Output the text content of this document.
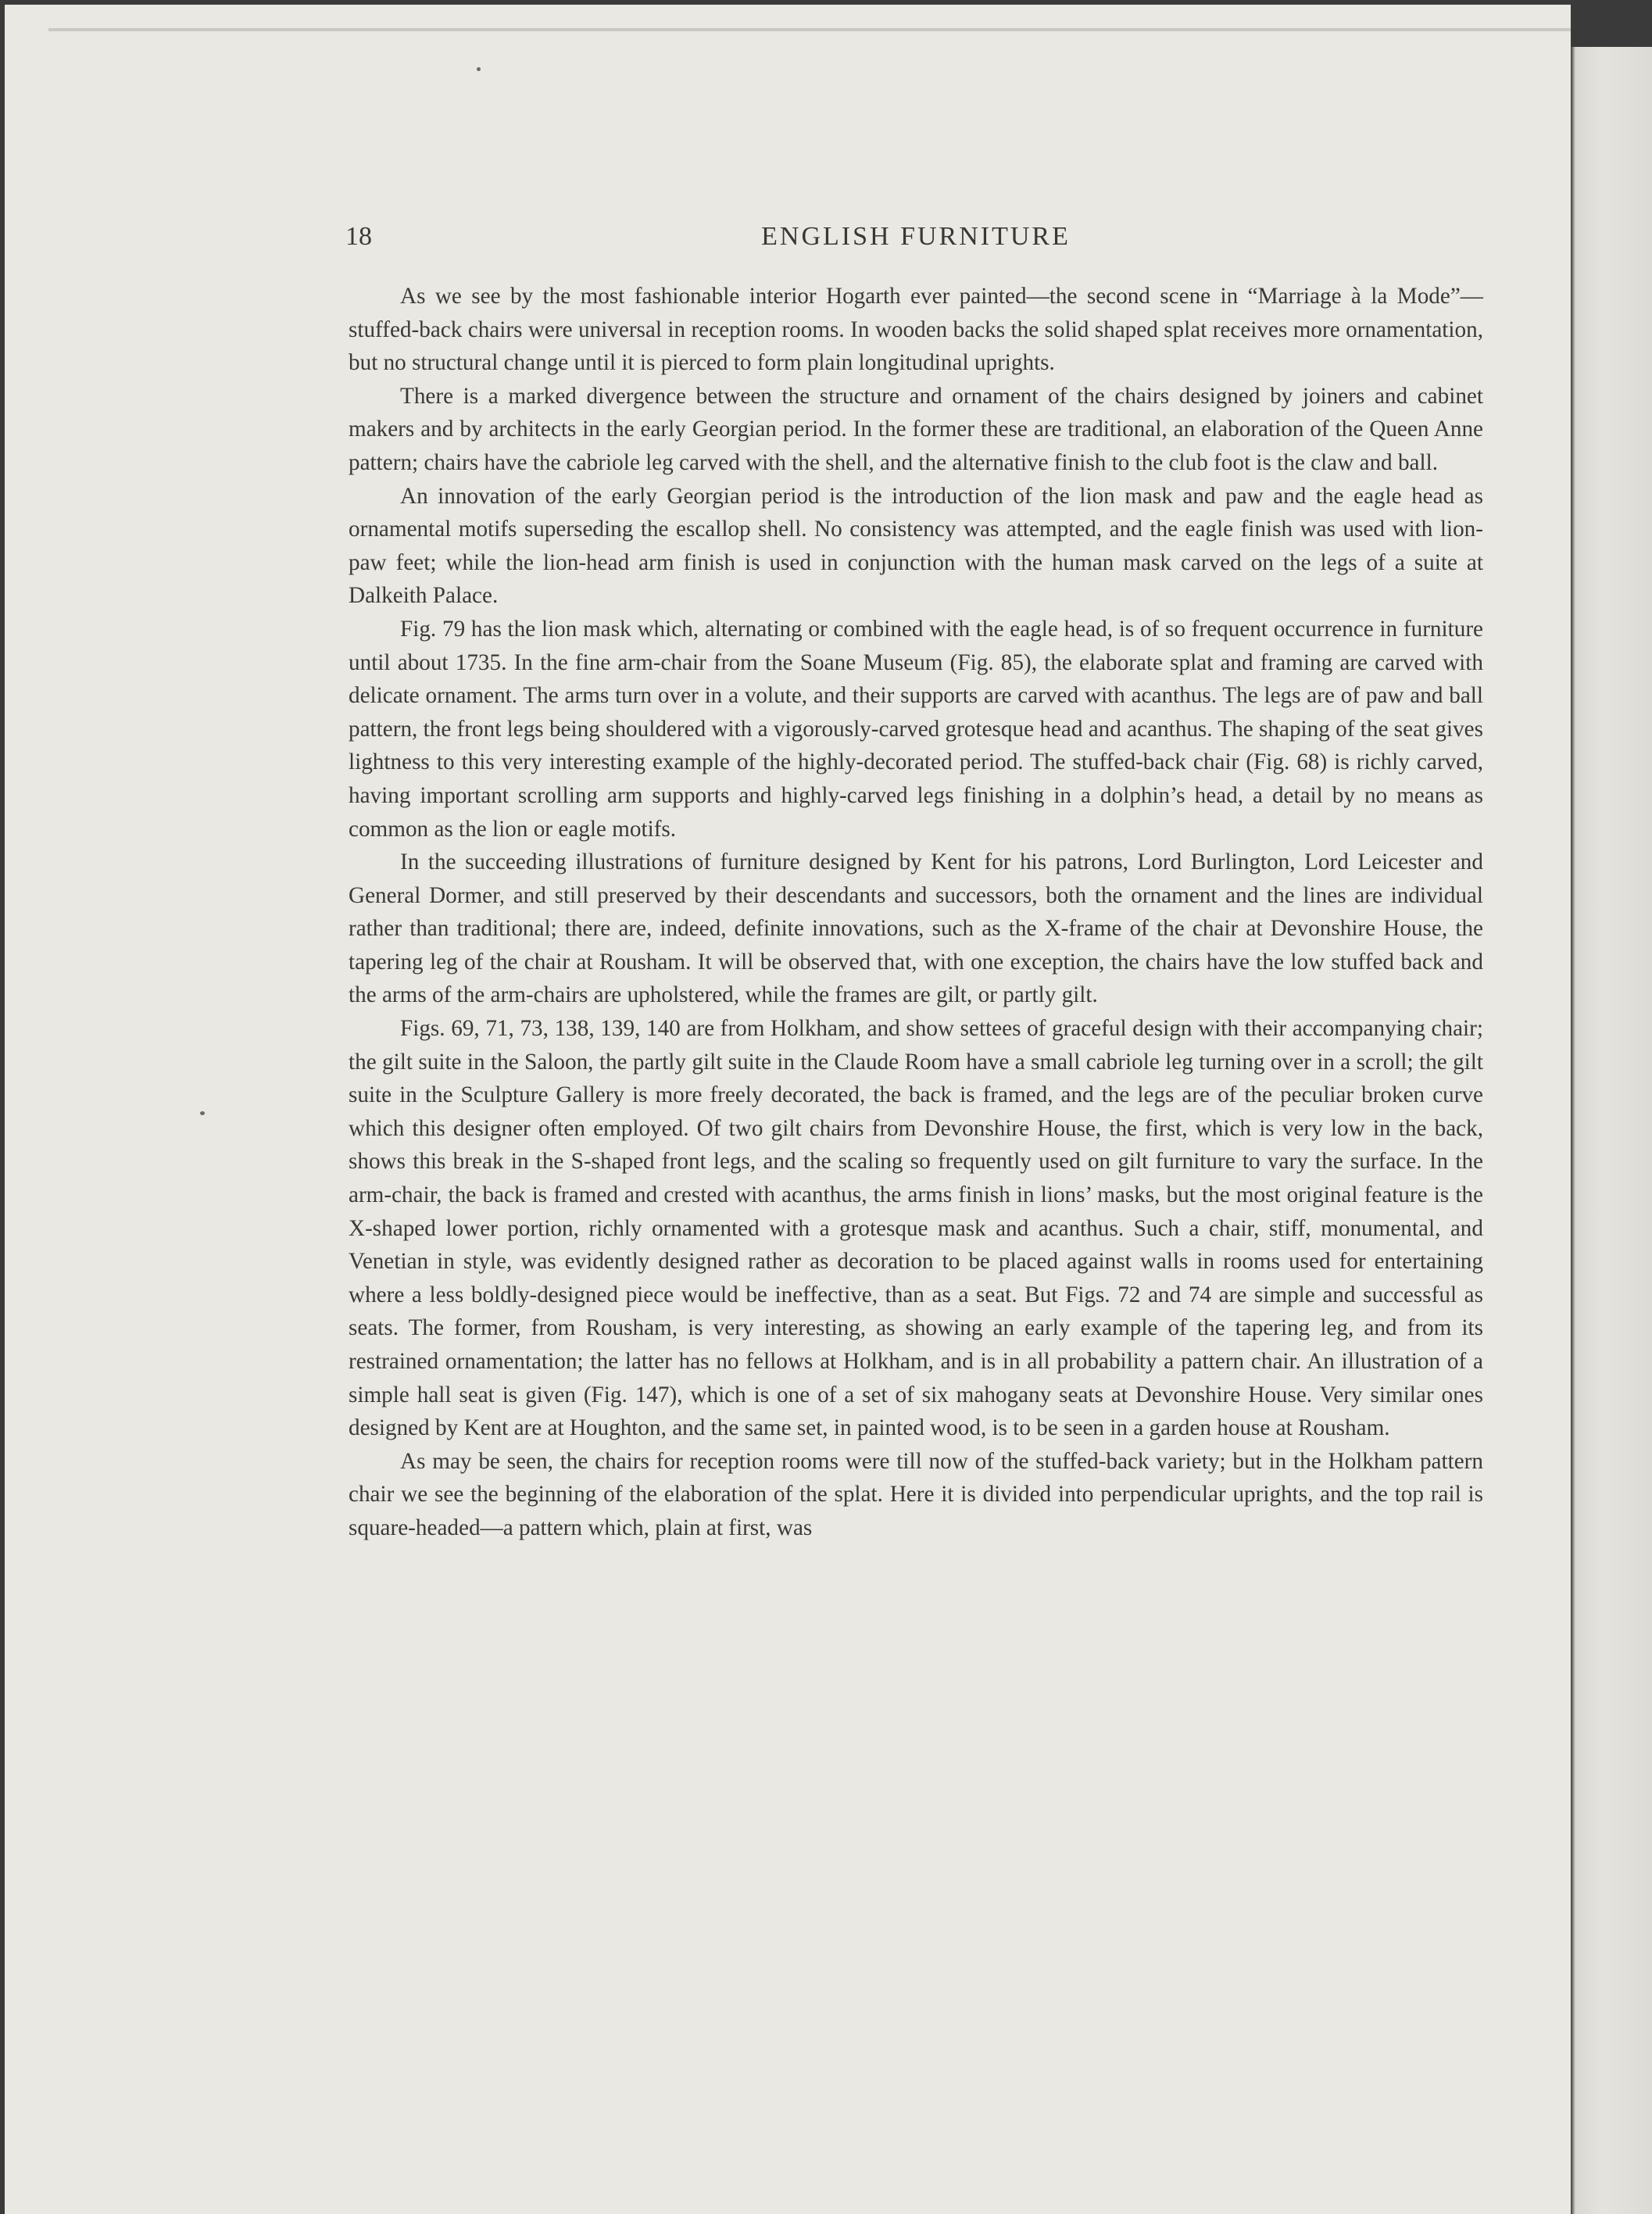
18	ENGLISH FURNITURE

As we see by the most fashionable interior Hogarth ever painted—the second scene in “Marriage à la Mode”—stuffed-back chairs were universal in reception rooms. In wooden backs the solid shaped splat receives more ornamentation, but no structural change until it is pierced to form plain longitudinal uprights.

There is a marked divergence between the structure and ornament of the chairs designed by joiners and cabinet makers and by architects in the early Georgian period. In the former these are traditional, an elaboration of the Queen Anne pattern; chairs have the cabriole leg carved with the shell, and the alternative finish to the club foot is the claw and ball.

An innovation of the early Georgian period is the introduction of the lion mask and paw and the eagle head as ornamental motifs superseding the escallop shell. No consistency was attempted, and the eagle finish was used with lion-paw feet; while the lion-head arm finish is used in conjunction with the human mask carved on the legs of a suite at Dalkeith Palace.

Fig. 79 has the lion mask which, alternating or combined with the eagle head, is of so frequent occurrence in furniture until about 1735. In the fine arm-chair from the Soane Museum (Fig. 85), the elaborate splat and framing are carved with delicate ornament. The arms turn over in a volute, and their supports are carved with acanthus. The legs are of paw and ball pattern, the front legs being shouldered with a vigorously-carved grotesque head and acanthus. The shaping of the seat gives lightness to this very interesting example of the highly-decorated period. The stuffed-back chair (Fig. 68) is richly carved, having important scrolling arm supports and highly-carved legs finishing in a dolphin’s head, a detail by no means as common as the lion or eagle motifs.

In the succeeding illustrations of furniture designed by Kent for his patrons, Lord Burlington, Lord Leicester and General Dormer, and still preserved by their descendants and successors, both the ornament and the lines are individual rather than traditional; there are, indeed, definite innovations, such as the X-frame of the chair at Devonshire House, the tapering leg of the chair at Rousham. It will be observed that, with one exception, the chairs have the low stuffed back and the arms of the arm-chairs are upholstered, while the frames are gilt, or partly gilt.

Figs. 69, 71, 73, 138, 139, 140 are from Holkham, and show settees of graceful design with their accompanying chair; the gilt suite in the Saloon, the partly gilt suite in the Claude Room have a small cabriole leg turning over in a scroll; the gilt suite in the Sculpture Gallery is more freely decorated, the back is framed, and the legs are of the peculiar broken curve which this designer often employed. Of two gilt chairs from Devonshire House, the first, which is very low in the back, shows this break in the S-shaped front legs, and the scaling so frequently used on gilt furniture to vary the surface. In the arm-chair, the back is framed and crested with acanthus, the arms finish in lions’ masks, but the most original feature is the X-shaped lower portion, richly ornamented with a grotesque mask and acanthus. Such a chair, stiff, monumental, and Venetian in style, was evidently designed rather as decoration to be placed against walls in rooms used for entertaining where a less boldly-designed piece would be ineffective, than as a seat. But Figs. 72 and 74 are simple and successful as seats. The former, from Rousham, is very interesting, as showing an early example of the tapering leg, and from its restrained ornamentation; the latter has no fellows at Holkham, and is in all probability a pattern chair. An illustration of a simple hall seat is given (Fig. 147), which is one of a set of six mahogany seats at Devonshire House. Very similar ones designed by Kent are at Houghton, and the same set, in painted wood, is to be seen in a garden house at Rousham.

As may be seen, the chairs for reception rooms were till now of the stuffed-back variety; but in the Holkham pattern chair we see the beginning of the elaboration of the splat. Here it is divided into perpendicular uprights, and the top rail is square-headed—a pattern which, plain at first, was
